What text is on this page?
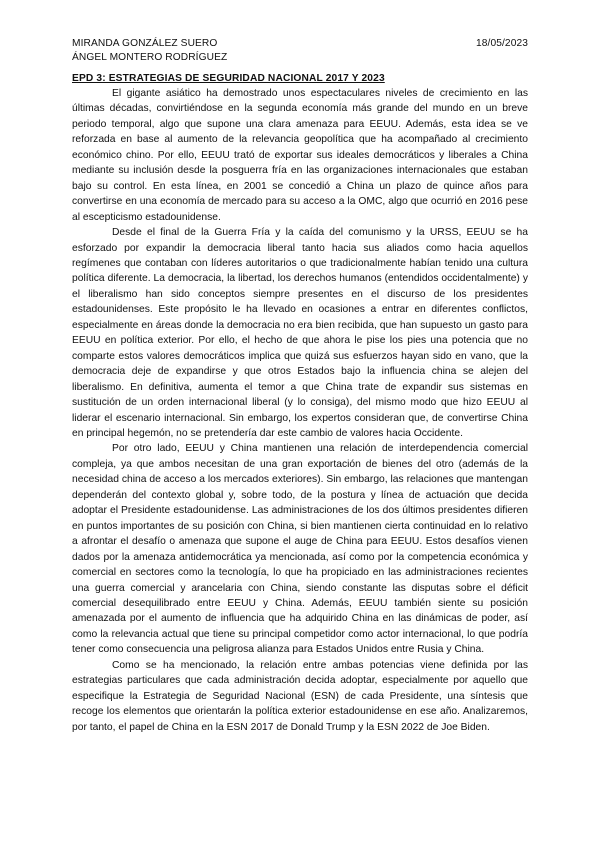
MIRANDA GONZÁLEZ SUERO	18/05/2023
ÁNGEL MONTERO RODRÍGUEZ
EPD 3: ESTRATEGIAS DE SEGURIDAD NACIONAL 2017 Y 2023

El gigante asiático ha demostrado unos espectaculares niveles de crecimiento en las últimas décadas, convirtiéndose en la segunda economía más grande del mundo en un breve periodo temporal, algo que supone una clara amenaza para EEUU. Además, esta idea se ve reforzada en base al aumento de la relevancia geopolítica que ha acompañado al crecimiento económico chino. Por ello, EEUU trató de exportar sus ideales democráticos y liberales a China mediante su inclusión desde la posguerra fría en las organizaciones internacionales que estaban bajo su control. En esta línea, en 2001 se concedió a China un plazo de quince años para convertirse en una economía de mercado para su acceso a la OMC, algo que ocurrió en 2016 pese al escepticismo estadounidense.

Desde el final de la Guerra Fría y la caída del comunismo y la URSS, EEUU se ha esforzado por expandir la democracia liberal tanto hacia sus aliados como hacia aquellos regímenes que contaban con líderes autoritarios o que tradicionalmente habían tenido una cultura política diferente. La democracia, la libertad, los derechos humanos (entendidos occidentalmente) y el liberalismo han sido conceptos siempre presentes en el discurso de los presidentes estadounidenses. Este propósito le ha llevado en ocasiones a entrar en diferentes conflictos, especialmente en áreas donde la democracia no era bien recibida, que han supuesto un gasto para EEUU en política exterior. Por ello, el hecho de que ahora le pise los pies una potencia que no comparte estos valores democráticos implica que quizá sus esfuerzos hayan sido en vano, que la democracia deje de expandirse y que otros Estados bajo la influencia china se alejen del liberalismo. En definitiva, aumenta el temor a que China trate de expandir sus sistemas en sustitución de un orden internacional liberal (y lo consiga), del mismo modo que hizo EEUU al liderar el escenario internacional. Sin embargo, los expertos consideran que, de convertirse China en principal hegemón, no se pretendería dar este cambio de valores hacia Occidente.

Por otro lado, EEUU y China mantienen una relación de interdependencia comercial compleja, ya que ambos necesitan de una gran exportación de bienes del otro (además de la necesidad china de acceso a los mercados exteriores). Sin embargo, las relaciones que mantengan dependerán del contexto global y, sobre todo, de la postura y línea de actuación que decida adoptar el Presidente estadounidense. Las administraciones de los dos últimos presidentes difieren en puntos importantes de su posición con China, si bien mantienen cierta continuidad en lo relativo a afrontar el desafío o amenaza que supone el auge de China para EEUU. Estos desafíos vienen dados por la amenaza antidemocrática ya mencionada, así como por la competencia económica y comercial en sectores como la tecnología, lo que ha propiciado en las administraciones recientes una guerra comercial y arancelaria con China, siendo constante las disputas sobre el déficit comercial desequilibrado entre EEUU y China. Además, EEUU también siente su posición amenazada por el aumento de influencia que ha adquirido China en las dinámicas de poder, así como la relevancia actual que tiene su principal competidor como actor internacional, lo que podría tener como consecuencia una peligrosa alianza para Estados Unidos entre Rusia y China.

Como se ha mencionado, la relación entre ambas potencias viene definida por las estrategias particulares que cada administración decida adoptar, especialmente por aquello que especifique la Estrategia de Seguridad Nacional (ESN) de cada Presidente, una síntesis que recoge los elementos que orientarán la política exterior estadounidense en ese año. Analizaremos, por tanto, el papel de China en la ESN 2017 de Donald Trump y la ESN 2022 de Joe Biden.
